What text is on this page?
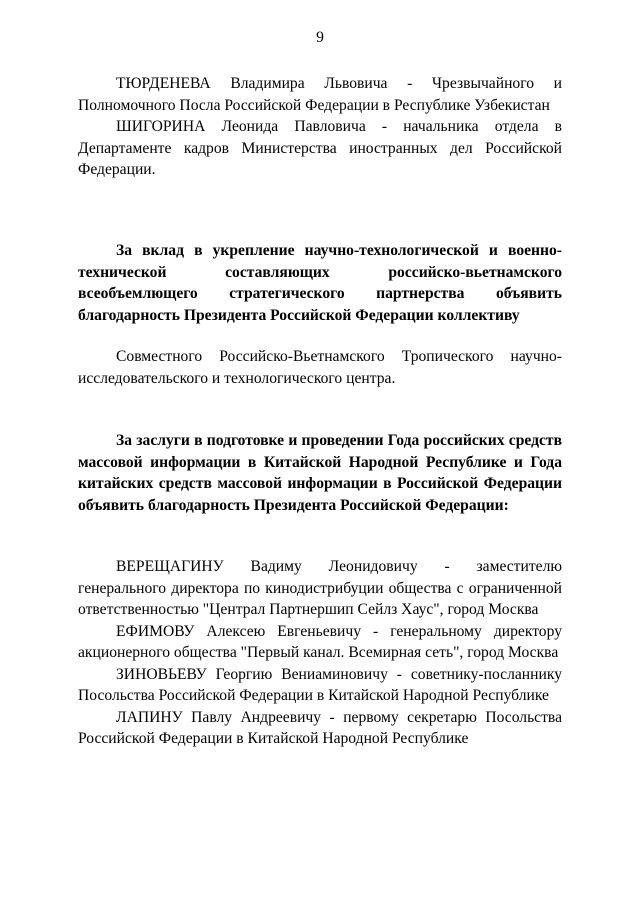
9

ТЮРДЕНЕВА Владимира Львовича - Чрезвычайного и Полномочного Посла Российской Федерации в Республике Узбекистан

ШИГОРИНА Леонида Павловича - начальника отдела в Департаменте кадров Министерства иностранных дел Российской Федерации.

За вклад в укрепление научно-технологической и военно-технической составляющих российско-вьетнамского всеобъемлющего стратегического партнерства объявить благодарность Президента Российской Федерации коллективу

Совместного Российско-Вьетнамского Тропического научно-исследовательского и технологического центра.

За заслуги в подготовке и проведении Года российских средств массовой информации в Китайской Народной Республике и Года китайских средств массовой информации в Российской Федерации объявить благодарность Президента Российской Федерации:

ВЕРЕЩАГИНУ Вадиму Леонидовичу - заместителю генерального директора по кинодистрибуции общества с ограниченной ответственностью "Централ Партнершип Сейлз Хаус", город Москва

ЕФИМОВУ Алексею Евгеньевичу - генеральному директору акционерного общества "Первый канал. Всемирная сеть", город Москва

ЗИНОВЬЕВУ Георгию Вениаминовичу - советнику-посланнику Посольства Российской Федерации в Китайской Народной Республике

ЛАПИНУ Павлу Андреевичу - первому секретарю Посольства Российской Федерации в Китайской Народной Республике
